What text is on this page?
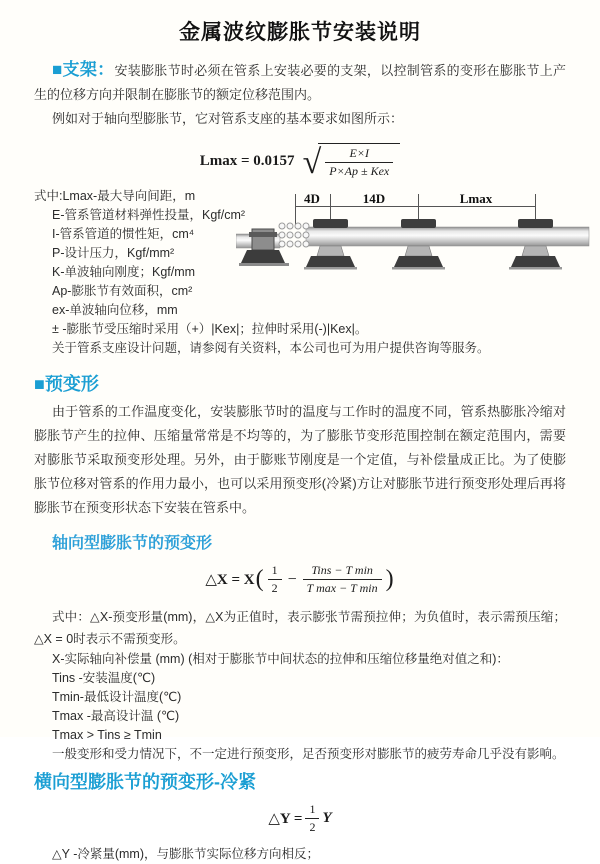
金属波纹膨胀节安装说明

■支架：安装膨胀节时必须在管系上安装必要的支架，以控制管系的变形在膨胀节上产生的位移方向并限制在膨胀节的额定位移范围内。

例如对于轴向型膨胀节，它对管系支座的基本要求如图所示：

Lmax = 0.0157 √ $\frac{E\times I}{\text{P×Ap ± Kex}}$
式中:Lmax-最大导向间距，m
E-管系管道材料弹性投量，Kgf/cm²
I-管系管道的惯性矩，cm⁴
P-设计压力，Kgf/mm²
K-单波轴向刚度；Kgf/mm
Ap-膨胀节有效面积，cm²
ex-单波轴向位移，mm
± -膨胀节受压缩时采用（+）|Kex|；拉伸时采用(-)|Kex|。
关于管系支座设计问题，请参阅有关资料，本公司也可为用户提供咨询等服务。
4D	14D	Lmax
■预变形

由于管系的工作温度变化，安装膨胀节时的温度与工作时的温度不同，管系热膨胀冷缩对膨胀节产生的拉伸、压缩量常常是不均等的，为了膨胀节变形范围控制在额定范围内，需要对膨胀节采取预变形处理。另外，由于膨账节刚度是一个定值，与补偿量成正比。为了使膨胀节位移对管系的作用力最小，也可以采用预变形(冷紧)方让对膨胀节进行预变形处理后再将膨胀节在预变形状态下安装在管系中。

轴向型膨胀节的预变形
△X = X ( $\frac{1}{2} - \frac{\text{Tins − T min}}{\text{T max − T min}}$ )

式中：△X-预变形量(mm)，△X为正值时，表示膨张节需预拉伸；为负值时，表示需预压缩；△X = 0时表示不需预变形。

X-实际轴向补偿量 (mm) (相对于膨胀节中间状态的拉伸和压缩位移量绝对值之和)：
Tins -安装温度(℃)
Tmin-最低设计温度(℃)
Tmax -最高设计温 (℃)
Tmax > Tins ≥ Tmin
一般变形和受力情况下，不一定进行预变形，足否预变形对膨胀节的疲劳寿命几乎没有影响。
横向型膨胀节的预变形-冷紧
△Y = $\frac{1}{2}$ Y
△Y -冷紧量(mm)，与膨胀节实际位移方向相反；
